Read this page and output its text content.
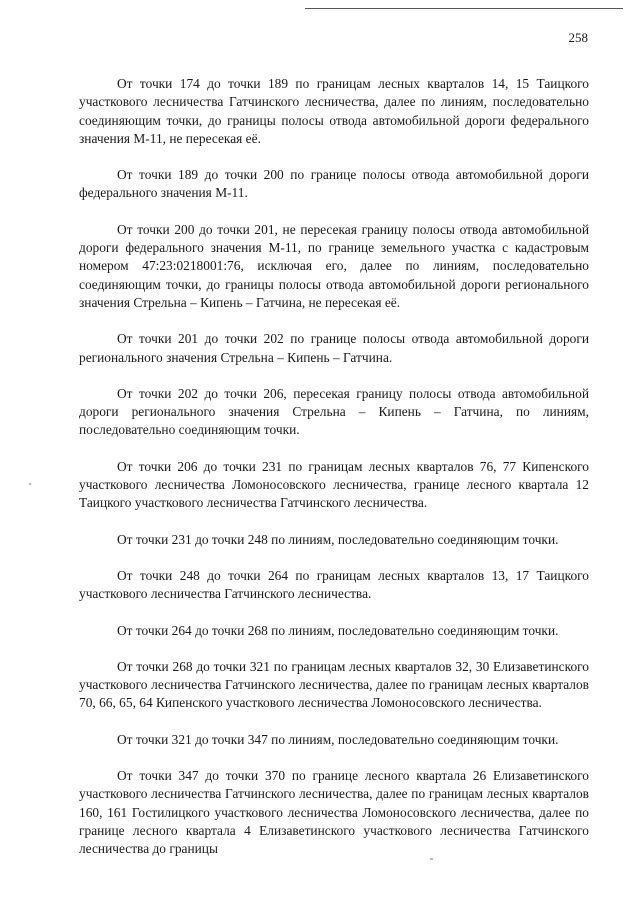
258

От точки 174 до точки 189 по границам лесных кварталов 14, 15 Таицкого участкового лесничества Гатчинского лесничества, далее по линиям, последовательно соединяющим точки, до границы полосы отвода автомобильной дороги федерального значения М-11, не пересекая её.

От точки 189 до точки 200 по границе полосы отвода автомобильной дороги федерального значения М-11.

От точки 200 до точки 201, не пересекая границу полосы отвода автомобильной дороги федерального значения М-11, по границе земельного участка с кадастровым номером 47:23:0218001:76, исключая его, далее по линиям, последовательно соединяющим точки, до границы полосы отвода автомобильной дороги регионального значения Стрельна – Кипень – Гатчина, не пересекая её.

От точки 201 до точки 202 по границе полосы отвода автомобильной дороги регионального значения Стрельна – Кипень – Гатчина.

От точки 202 до точки 206, пересекая границу полосы отвода автомобильной дороги регионального значения Стрельна – Кипень – Гатчина, по линиям, последовательно соединяющим точки.

От точки 206 до точки 231 по границам лесных кварталов 76, 77 Кипенского участкового лесничества Ломоносовского лесничества, границе лесного квартала 12 Таицкого участкового лесничества Гатчинского лесничества.

От точки 231 до точки 248 по линиям, последовательно соединяющим точки.

От точки 248 до точки 264 по границам лесных кварталов 13, 17 Таицкого участкового лесничества Гатчинского лесничества.

От точки 264 до точки 268 по линиям, последовательно соединяющим точки.

От точки 268 до точки 321 по границам лесных кварталов 32, 30 Елизаветинского участкового лесничества Гатчинского лесничества, далее по границам лесных кварталов 70, 66, 65, 64 Кипенского участкового лесничества Ломоносовского лесничества.

От точки 321 до точки 347 по линиям, последовательно соединяющим точки.

От точки 347 до точки 370 по границе лесного квартала 26 Елизаветинского участкового лесничества Гатчинского лесничества, далее по границам лесных кварталов 160, 161 Гостилицкого участкового лесничества Ломоносовского лесничества, далее по границе лесного квартала 4 Елизаветинского участкового лесничества Гатчинского лесничества до границы
